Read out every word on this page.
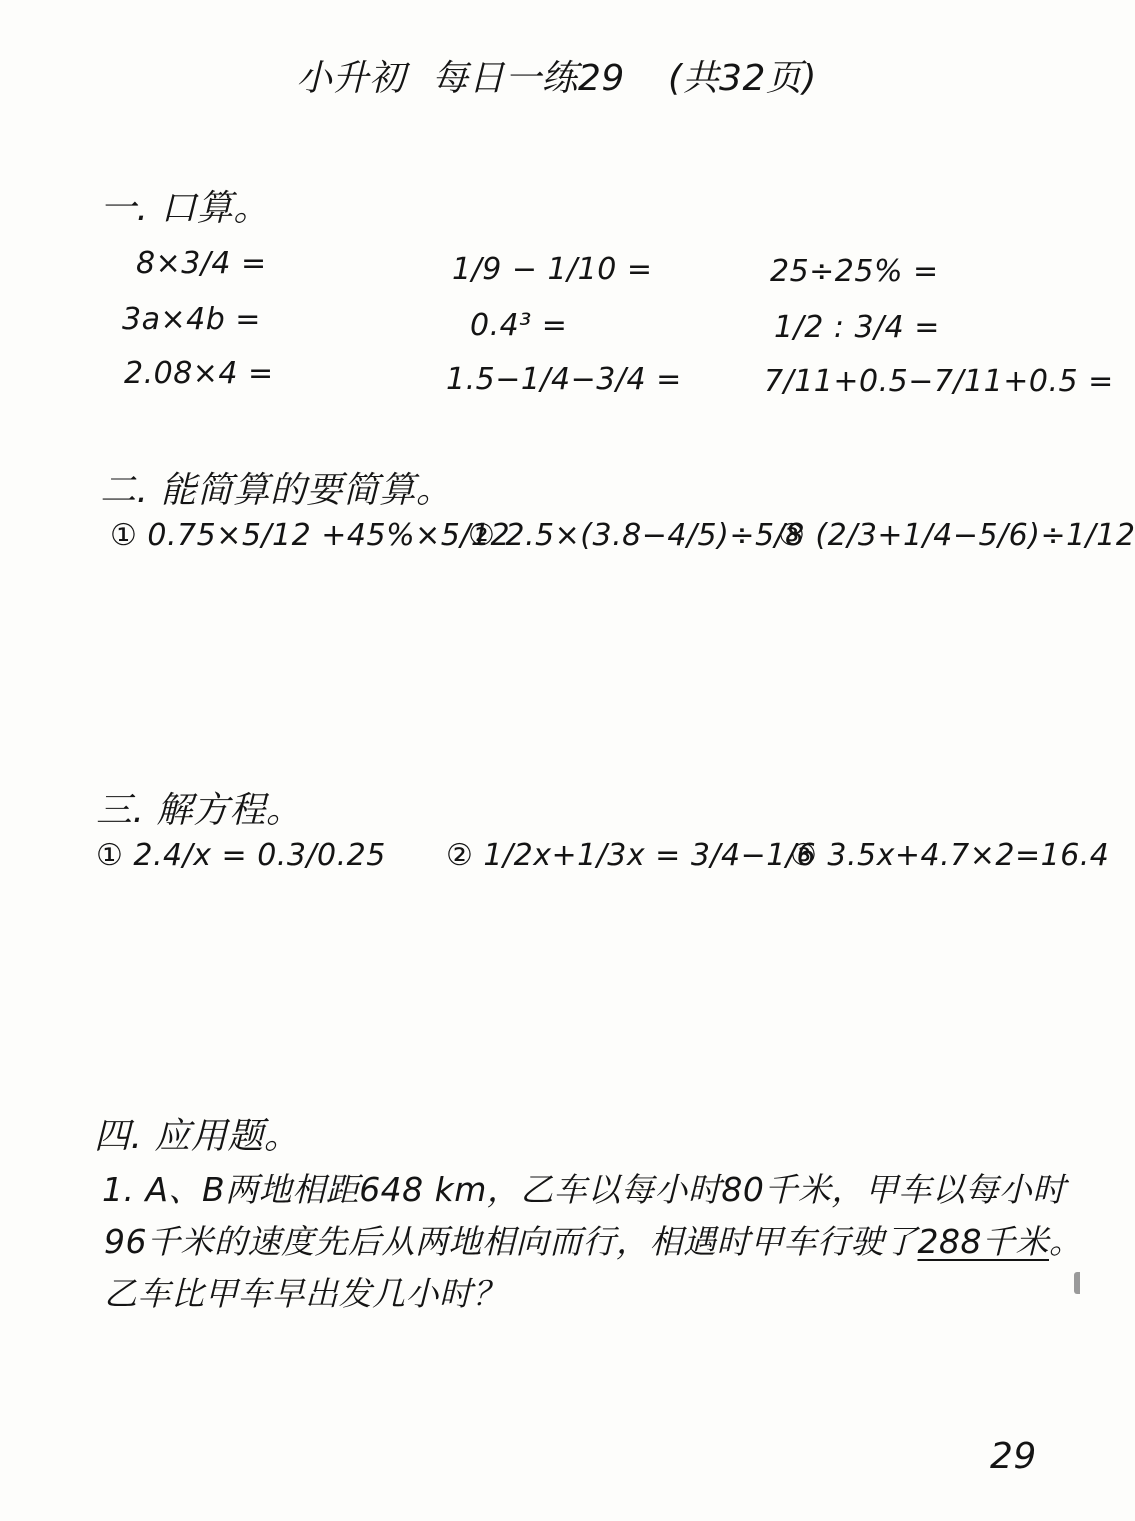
小升初 每日一练29 (共32页)
一. 口算。
8×3/4 =
3a×4b =
2.08×4 =
1/9 − 1/10 =
0.4³ =
1.5−1/4−3/4 =
25÷25% =
1/2 : 3/4 =
7/11+0.5−7/11+0.5 =
二. 能简算的要简算。
① 0.75×5/12 +45%×5/12
② 2.5×(3.8−4/5)÷5/8
③ (2/3+1/4−5/6)÷1/12
三. 解方程。
① 2.4/x = 0.3/0.25 ② 1/2x+1/3x = 3/4−1/6
③ 3.5x+4.7×2=16.4
四. 应用题。
1. A、B两地相距648 km，乙车以每小时80千米，甲车以每小时
96千米的速度先后从两地相向而行，相遇时甲车行驶了288千米。
乙车比甲车早出发几小时？
29
